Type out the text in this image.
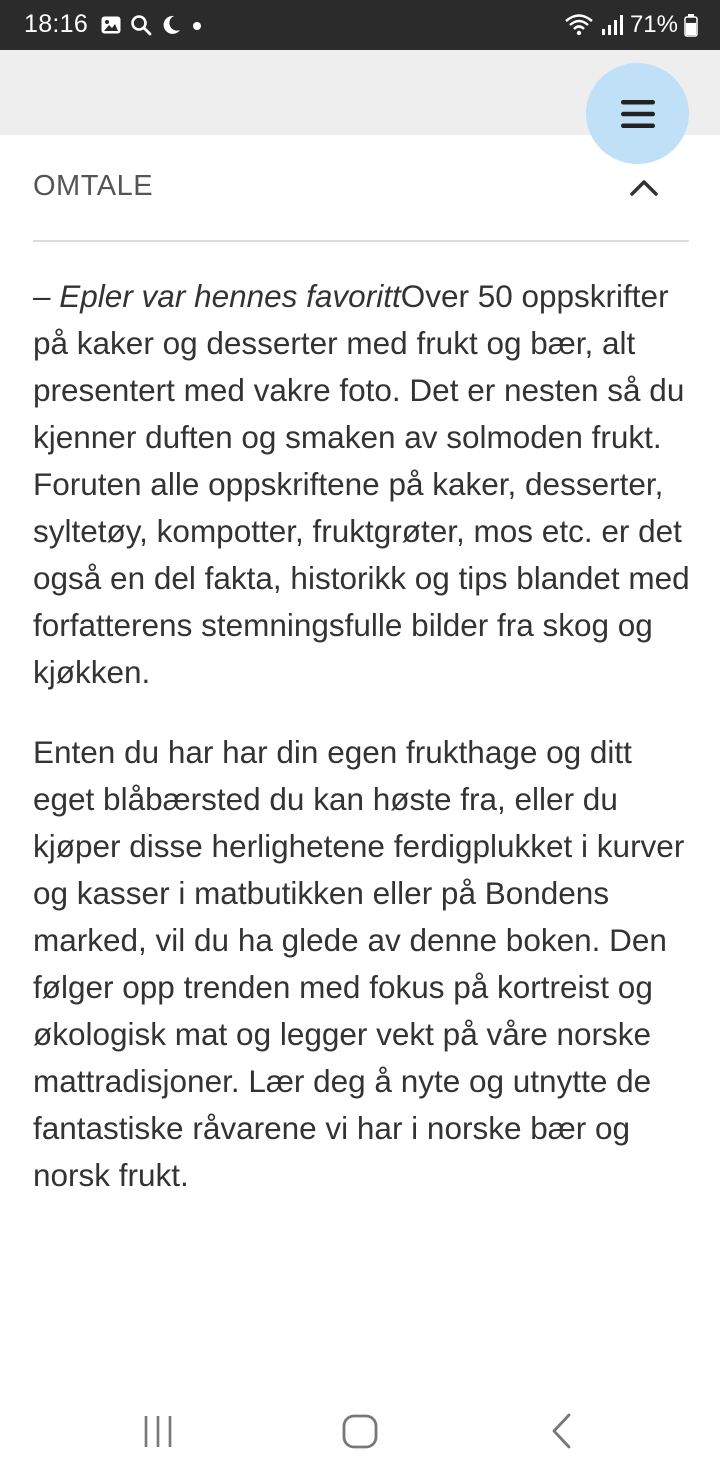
18:16	71%
OMTALE

– Epler var hennes favorittOver 50 oppskrifter på kaker og desserter med frukt og bær, alt presentert med vakre foto. Det er nesten så du kjenner duften og smaken av solmoden frukt. Foruten alle oppskriftene på kaker, desserter, syltetøy, kompotter, fruktgrøter, mos etc. er det også en del fakta, historikk og tips blandet med forfatterens stemningsfulle bilder fra skog og kjøkken.

Enten du har har din egen frukthage og ditt eget blåbærsted du kan høste fra, eller du kjøper disse herlighetene ferdigplukket i kurver og kasser i matbutikken eller på Bondens marked, vil du ha glede av denne boken. Den følger opp trenden med fokus på kortreist og økologisk mat og legger vekt på våre norske mattradisjoner. Lær deg å nyte og utnytte de fantastiske råvarene vi har i norske bær og norsk frukt.
